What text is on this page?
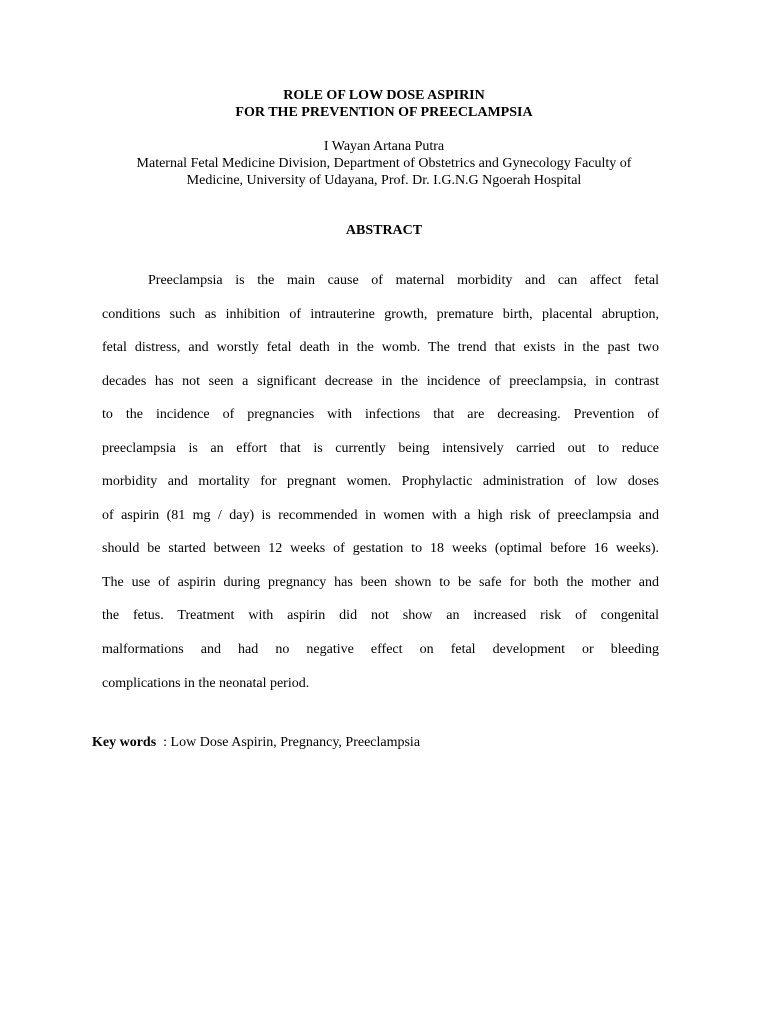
ROLE OF LOW DOSE ASPIRIN
FOR THE PREVENTION OF PREECLAMPSIA
I Wayan Artana Putra
Maternal Fetal Medicine Division, Department of Obstetrics and Gynecology Faculty of
Medicine, University of Udayana, Prof. Dr. I.G.N.G Ngoerah Hospital
ABSTRACT
Preeclampsia is the main cause of maternal morbidity and can affect fetal
conditions such as inhibition of intrauterine growth, premature birth, placental abruption,
fetal distress, and worstly fetal death in the womb. The trend that exists in the past two
decades has not seen a significant decrease in the incidence of preeclampsia, in contrast
to the incidence of pregnancies with infections that are decreasing. Prevention of
preeclampsia is an effort that is currently being intensively carried out to reduce
morbidity and mortality for pregnant women. Prophylactic administration of low doses
of aspirin (81 mg / day) is recommended in women with a high risk of preeclampsia and
should be started between 12 weeks of gestation to 18 weeks (optimal before 16 weeks).
The use of aspirin during pregnancy has been shown to be safe for both the mother and
the fetus. Treatment with aspirin did not show an increased risk of congenital
malformations and had no negative effect on fetal development or bleeding
complications in the neonatal period.
Key words  : Low Dose Aspirin, Pregnancy, Preeclampsia
